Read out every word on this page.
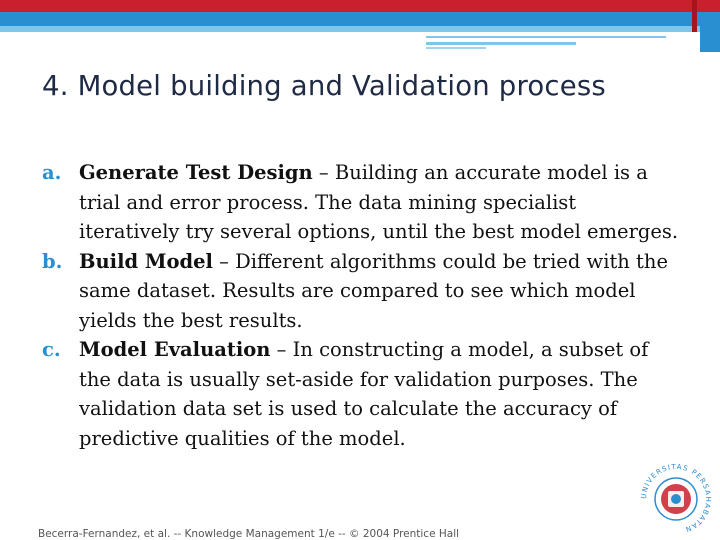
4. Model building and Validation process
a. Generate Test Design – Building an accurate model is a trial and error process. The data mining specialist iteratively try several options, until the best model emerges.
b. Build Model – Different algorithms could be tried with the same dataset. Results are compared to see which model yields the best results.
c. Model Evaluation – In constructing a model, a subset of the data is usually set-aside for validation purposes. The validation data set is used to calculate the accuracy of predictive qualities of the model.
Becerra-Fernandez, et al. -- Knowledge Management 1/e -- © 2004 Prentice Hall
UNIVERSITAS PERSAHABATAN
